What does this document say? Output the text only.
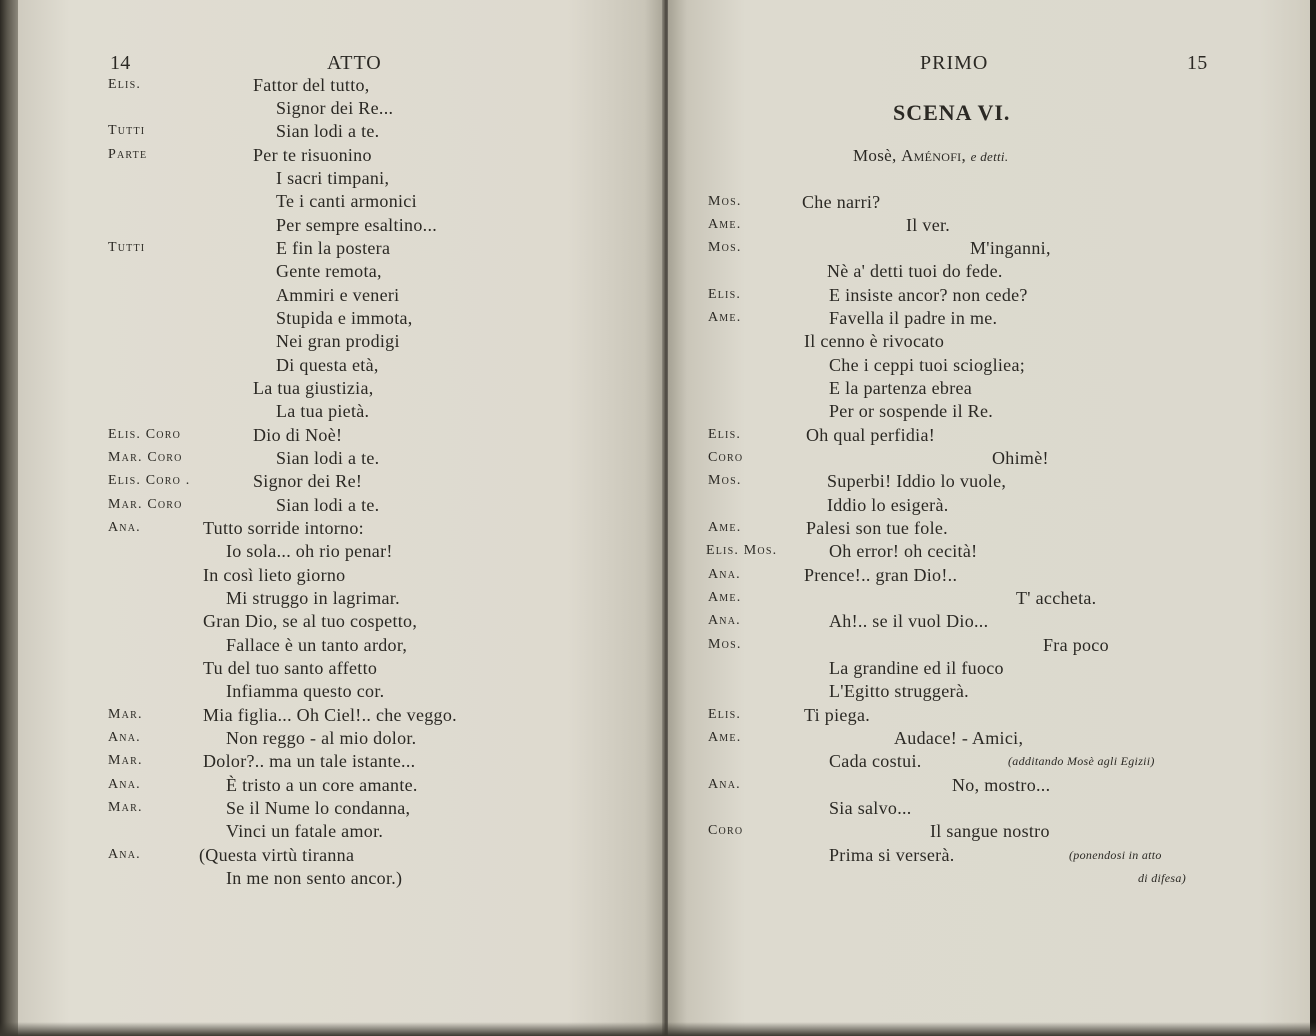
14	ATTO
Elis.	Fattor del tutto,
Signor dei Re...
Tutti	Sian lodi a te.
Parte	Per te risuonino
I sacri timpani,
Te i canti armonici
Per sempre esaltino...
Tutti	E fin la postera
Gente remota,
Ammiri e veneri
Stupida e immota,
Nei gran prodigi
Di questa età,
La tua giustizia,
La tua pietà.
Elis. Coro	Dio di Noè!
Mar. Coro	Sian lodi a te.
Elis. Coro .	Signor dei Re!
Mar. Coro	Sian lodi a te.
Ana.	Tutto sorride intorno:
Io sola... oh rio penar!
In così lieto giorno
Mi struggo in lagrimar.
Gran Dio, se al tuo cospetto,
Fallace è un tanto ardor,
Tu del tuo santo affetto
Infiamma questo cor.
Mar.	Mia figlia... Oh Ciel!.. che veggo.
Ana.	Non reggo - al mio dolor.
Mar.	Dolor?.. ma un tale istante...
Ana.	È tristo a un core amante.
Mar.	Se il Nume lo condanna,
Vinci un fatale amor.
Ana.	(Questa virtù tiranna
In me non sento ancor.)
PRIMO	15
SCENA VI.
Mosè, Aménofi, e detti.
Mos.	Che narri?
Ame.	Il ver.
Mos.	M'inganni,
Nè a' detti tuoi do fede.
Elis.	E insiste ancor? non cede?
Ame.	Favella il padre in me.
Il cenno è rivocato
Che i ceppi tuoi sciogliea;
E la partenza ebrea
Per or sospende il Re.
Elis.	Oh qual perfidia!
Coro	Ohimè!
Mos.	Superbi! Iddio lo vuole,
Iddio lo esigerà.
Ame.	Palesi son tue fole.
Elis. Mos.	Oh error! oh cecità!
Ana.	Prence!.. gran Dio!..
Ame.	T' accheta.
Ana.	Ah!.. se il vuol Dio...
Mos.	Fra poco
La grandine ed il fuoco
L'Egitto struggerà.
Elis.	Ti piega.
Ame.	Audace! - Amici,
Cada costui.	(additando Mosè agli Egizii)
Ana.	No, mostro...
Sia salvo...
Coro	Il sangue nostro
Prima si verserà.	(ponendosi in atto
di difesa)
